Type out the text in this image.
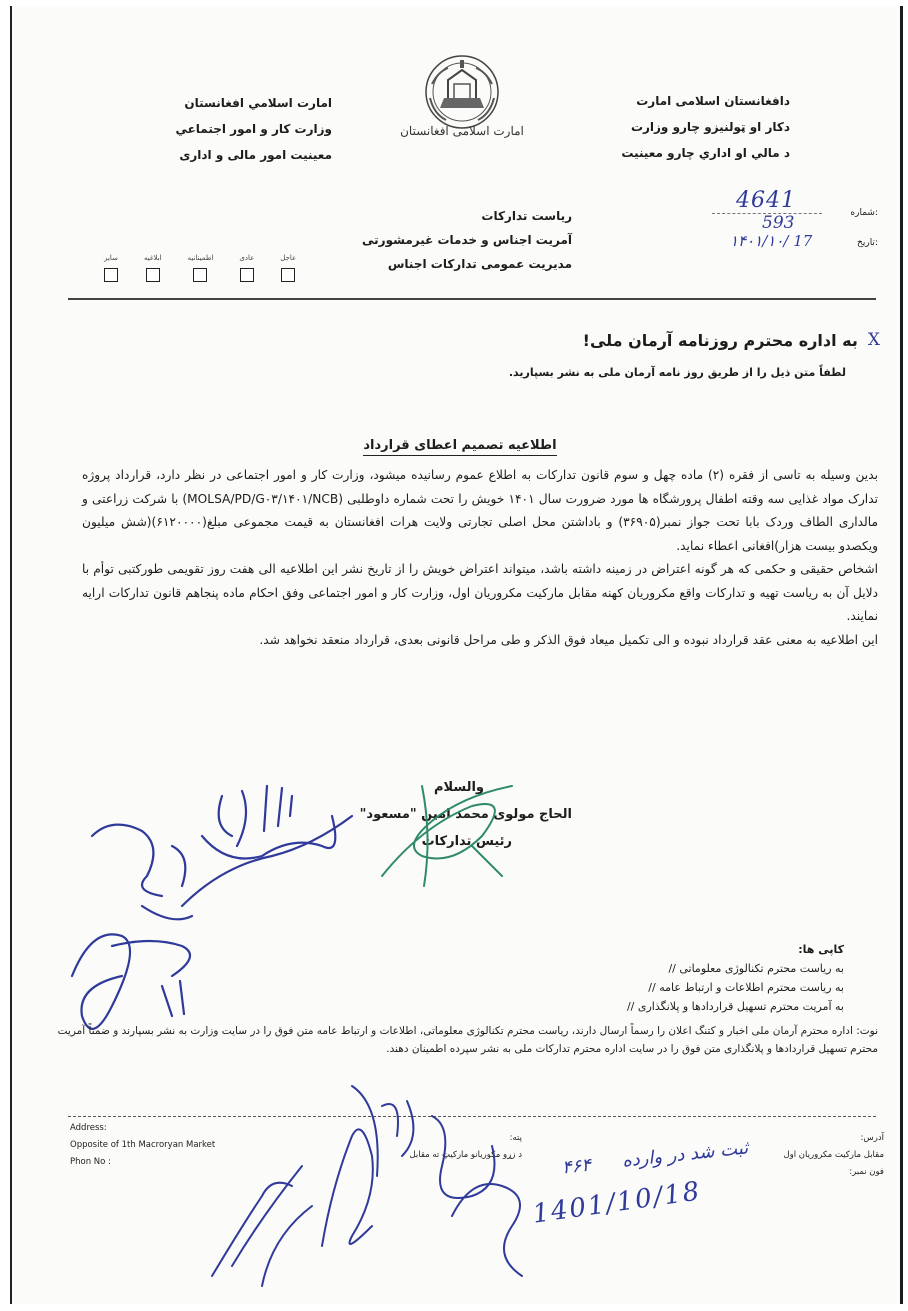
دافغانستان اسلامی امارت
دکار او ټولنيزو چارو وزارت
د مالي او اداري چارو معينيت
امارت اسلامی افغانستان
امارت اسلامي افغانستان
وزارت کار و امور اجتماعي
معينيت امور مالی و اداری
شماره:
4641
593
تاریخ:
۱۴۰۱/۱۰/ 17
ریاست تدارکات
آمریت اجناس و خدمات غیرمشورتی
مدیریت عمومی تدارکات اجناس
عاجل
عادی
اطمینانیه
ابلاغیه
سایر
X
به اداره محترم روزنامه آرمان ملی!
لطفاً متن ذیل را از طریق روز نامه آرمان ملی به نشر بسپارید.
اطلاعیه تصمیم اعطای قرارداد

بدین وسیله به تاسی از فقره (۲) ماده چهل و سوم قانون تدارکات به اطلاع عموم رسانیده میشود، وزارت کار و امور اجتماعی در نظر دارد، قرارداد پروژه تدارک مواد غذایی سه وقته اطفال پرورشگاه ها مورد ضرورت سال ۱۴۰۱ خویش را تحت شماره داوطلبی (MOLSA/PD/G۰۳/۱۴۰۱/NCB) با شرکت زراعتی و مالداری الطاف وردک بابا تحت جواز نمبر(۳۶۹۰۵) و باداشتن محل اصلی تجارتی ولایت هرات افغانستان به قیمت مجموعی مبلغ(۶۱۲۰۰۰۰)(شش میلیون ویکصدو بیست هزار)افغانی اعطاء نماید.

اشخاص حقیقی و حکمی که هر گونه اعتراض در زمینه داشته باشد، میتواند اعتراض خویش را از تاریخ نشر این اطلاعیه الی هفت روز تقویمی طورکتبی توأم با دلایل آن به ریاست تهیه و تدارکات واقع مکروریان کهنه مقابل مارکیت مکروریان اول، وزارت کار و امور اجتماعی وفق احکام ماده پنجاهم قانون تدارکات ارایه نمایند.

این اطلاعیه به معنی عقد قرارداد نبوده و الی تکمیل میعاد فوق الذکر و طی مراحل قانونی بعدی، قرارداد منعقد نخواهد شد.

والسلام
الحاج مولوی محمد امین "مسعود"
رئیس تدارکات
کاپی ها:
به ریاست محترم تکنالوژی معلوماتی //
به ریاست محترم اطلاعات و ارتباط عامه //
به آمریت محترم تسهیل قراردادها و پلانگذاری //
نوت: اداره محترم آرمان ملی اخبار و کتنگ اعلان را رسماً ارسال دارند، ریاست محترم تکنالوژی معلوماتی، اطلاعات و ارتباط عامه متن فوق را در سایت وزارت به نشر بسپارند و ضمناً آمریت محترم تسهیل قراردادها و پلانگذاری متن فوق را در سایت اداره محترم تدارکات ملی به نشر سپرده اطمینان دهند.
Address:
Opposite of 1th Macroryan Market
Phon No :
پته:
د زړو مکوریانو مارکیټ ته مقابل
آدرس:
مقابل مارکیت مکروریان اول
فون نمبر:
ثبت شد در وارده
۴۶۴
1401/10/18
